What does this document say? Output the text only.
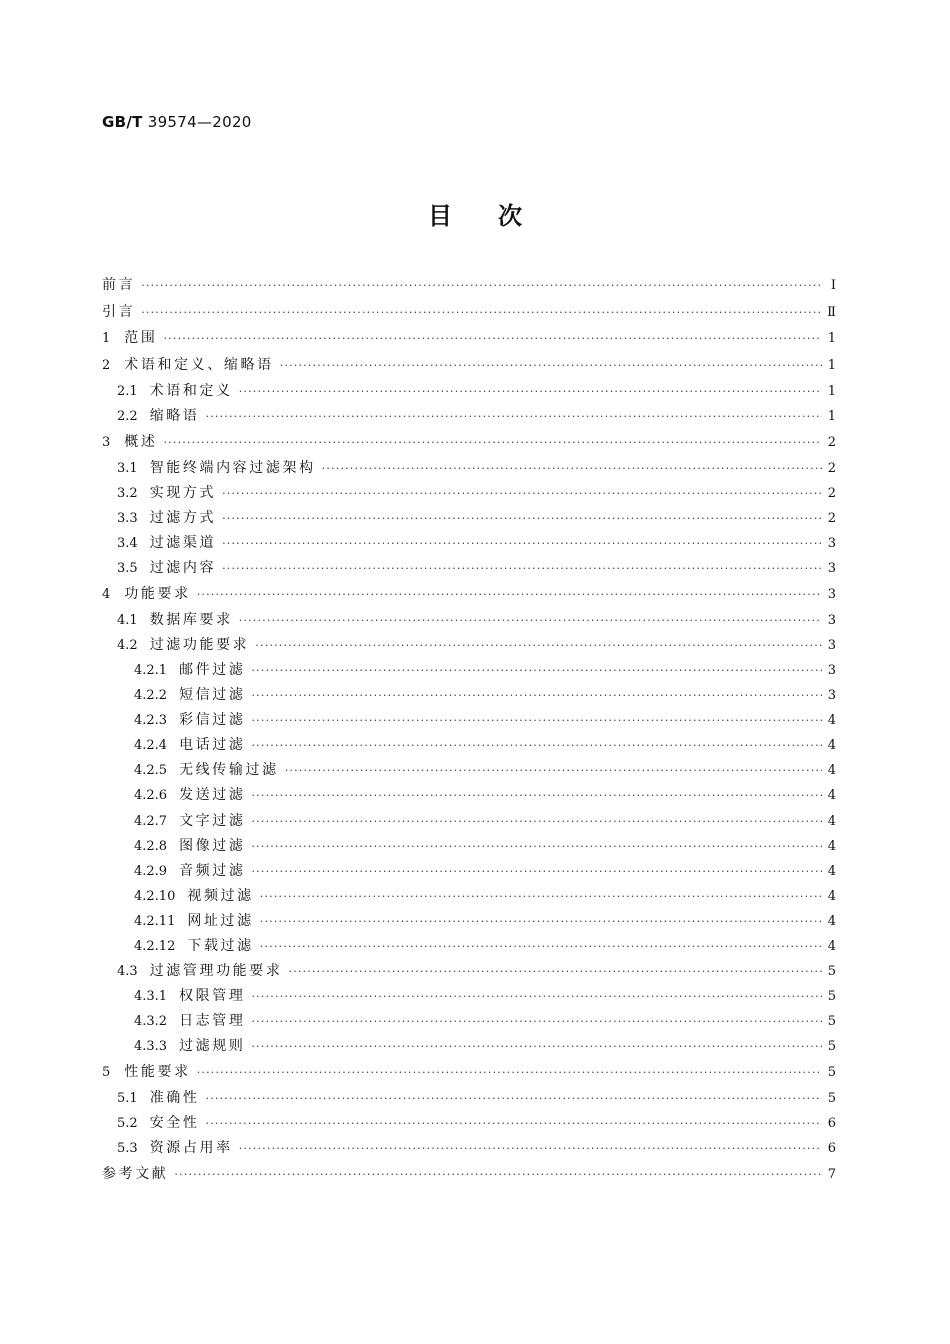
GB/T 39574—2020
目次
前言 ·····	Ⅰ
引言 ·····	Ⅱ
1 范围 ·····	1
2 术语和定义、缩略语 ·····	1
2.1 术语和定义 ·····	1
2.2 缩略语 ·····	1
3 概述 ·····	2
3.1 智能终端内容过滤架构 ·····	2
3.2 实现方式 ·····	2
3.3 过滤方式 ·····	2
3.4 过滤渠道 ·····	3
3.5 过滤内容 ·····	3
4 功能要求 ·····	3
4.1 数据库要求 ·····	3
4.2 过滤功能要求 ·····	3
4.2.1 邮件过滤 ·····	3
4.2.2 短信过滤 ·····	3
4.2.3 彩信过滤 ·····	4
4.2.4 电话过滤 ·····	4
4.2.5 无线传输过滤 ·····	4
4.2.6 发送过滤 ·····	4
4.2.7 文字过滤 ·····	4
4.2.8 图像过滤 ·····	4
4.2.9 音频过滤 ·····	4
4.2.10 视频过滤 ·····	4
4.2.11 网址过滤 ·····	4
4.2.12 下载过滤 ·····	4
4.3 过滤管理功能要求 ·····	5
4.3.1 权限管理 ·····	5
4.3.2 日志管理 ·····	5
4.3.3 过滤规则 ·····	5
5 性能要求 ·····	5
5.1 准确性 ·····	5
5.2 安全性 ·····	6
5.3 资源占用率 ·····	6
参考文献 ·····	7
